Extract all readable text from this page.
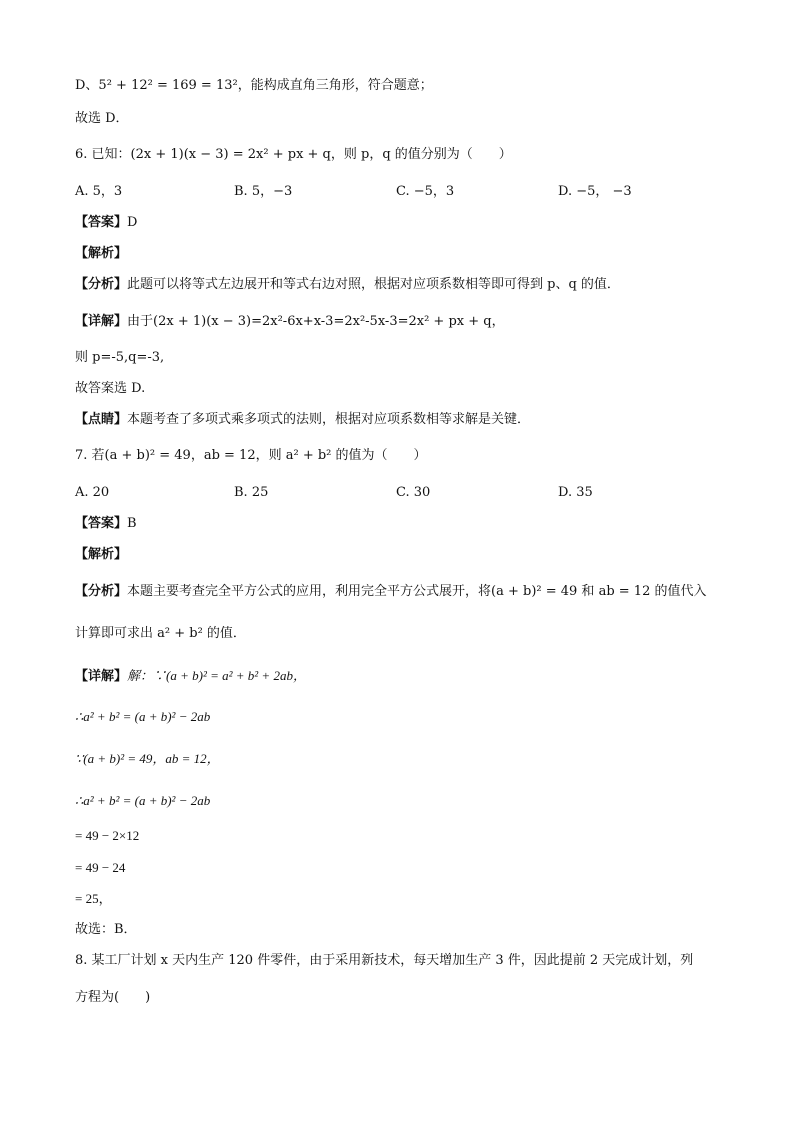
D、5² + 12² = 169 = 13²，能构成直角三角形，符合题意；
故选 D．
6. 已知：(2x + 1)(x − 3) = 2x² + px + q，则 p，q 的值分别为（　　）
A. 5，3	B. 5，−3	C. −5，3	D. −5， −3
【答案】D
【解析】
【分析】此题可以将等式左边展开和等式右边对照，根据对应项系数相等即可得到 p、q 的值．
【详解】由于(2x + 1)(x − 3)=2x²-6x+x-3=2x²-5x-3=2x² + px + q，
则 p=-5,q=-3,
故答案选 D.
【点睛】本题考查了多项式乘多项式的法则，根据对应项系数相等求解是关键．
7. 若(a + b)² = 49，ab = 12，则 a² + b² 的值为（　　）
A. 20	B. 25	C. 30	D. 35
【答案】B
【解析】
【分析】本题主要考查完全平方公式的应用，利用完全平方公式展开，将(a + b)² = 49 和 ab = 12 的值代入
计算即可求出 a² + b² 的值．
【详解】解：∵(a + b)² = a² + b² + 2ab，
∴a² + b² = (a + b)² − 2ab
∵(a + b)² = 49，ab = 12，
∴a² + b² = (a + b)² − 2ab
= 49 − 2×12
= 49 − 24
= 25，
故选：B．
8. 某工厂计划 x 天内生产 120 件零件，由于采用新技术，每天增加生产 3 件，因此提前 2 天完成计划，列
方程为(　　)
